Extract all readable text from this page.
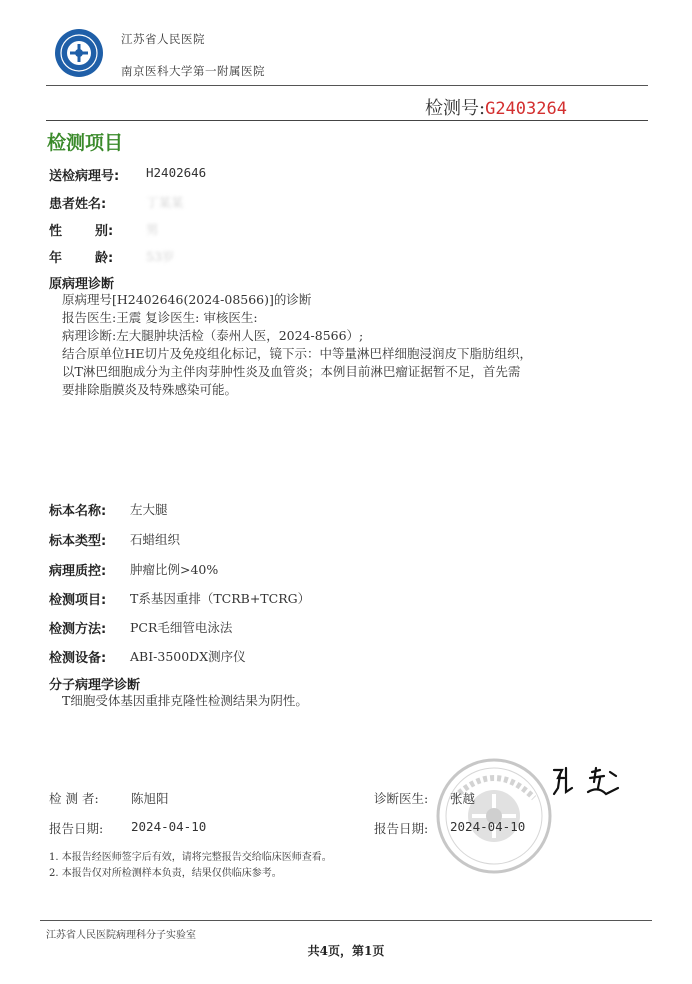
江苏省人民医院
南京医科大学第一附属医院
检测号:G2403264
检测项目
送检病理号: H2402646
患者姓名:	丁某某
性	别:	男
年	龄:	53岁
原病理诊断
原病理号[H2402646(2024-08566)]的诊断
报告医生:王震 复诊医生: 审核医生:
病理诊断:左大腿肿块活检（泰州人医，2024-8566）;
结合原单位HE切片及免疫组化标记，镜下示：中等量淋巴样细胞浸润皮下脂肪组织，
以T淋巴细胞成分为主伴肉芽肿性炎及血管炎；本例目前淋巴瘤证据暂不足，首先需
要排除脂膜炎及特殊感染可能。
标本名称: 左大腿
标本类型: 石蜡组织
病理质控: 肿瘤比例>40%
检测项目: T系基因重排（TCRB+TCRG）
检测方法: PCR毛细管电泳法
检测设备: ABI-3500DX测序仪
分子病理学诊断
T细胞受体基因重排克隆性检测结果为阴性。
检 测 者:	陈旭阳	诊断医生: 张越
报告日期: 2024-04-10	报告日期: 2024-04-10
1. 本报告经医师签字后有效，请将完整报告交给临床医师查看。
2. 本报告仅对所检测样本负责，结果仅供临床参考。
江苏省人民医院病理科分子实验室
共4页，第1页
